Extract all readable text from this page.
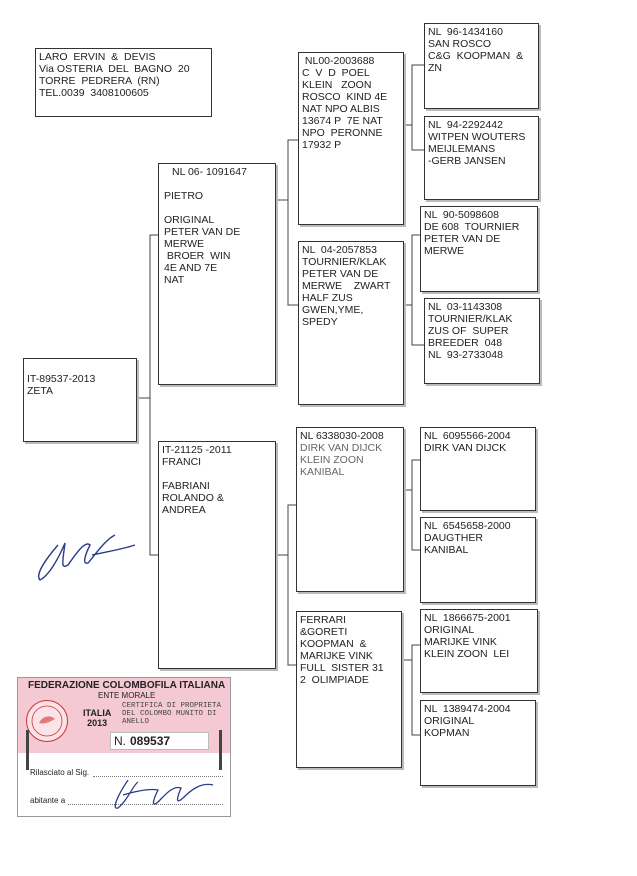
LARO  ERVIN  &  DEVIS
Via OSTERIA  DEL  BAGNO  20
TORRE  PEDRERA  (RN)
TEL.0039  3408100605
IT-89537-2013
ZETA
NL 06- 1091647

PIETRO

ORIGINAL
PETER VAN DE
MERWE
BROER  WIN
4E AND 7E
NAT
IT-21125 -2011
FRANCI

FABRIANI
ROLANDO &
ANDREA
NL00-2003688
C  V  D  POEL
KLEIN   ZOON
ROSCO  KIND 4E
NAT NPO ALBIS
13674 P  7E NAT
NPO  PERONNE
17932 P
NL  04-2057853
TOURNIER/KLAK
PETER VAN DE
MERWE    ZWART
HALF ZUS
GWEN,YME,
SPEDY
NL 6338030-2008
DIRK VAN DIJCK
KLEIN ZOON
KANIBAL
FERRARI
&GORETI
KOOPMAN  &
MARIJKE VINK
FULL  SISTER 31
2  OLIMPIADE
NL  96-1434160
SAN ROSCO
C&G  KOOPMAN  &
ZN
NL  94-2292442
WITPEN WOUTERS
MEIJLEMANS
-GERB JANSEN
NL  90-5098608
DE 608  TOURNIER
PETER VAN DE
MERWE
NL  03-1143308
TOURNIER/KLAK
ZUS OF  SUPER
BREEDER  048
NL  93-2733048
NL  6095566-2004
DIRK VAN DIJCK
NL  6545658-2000
DAUGTHER
KANIBAL
NL  1866675-2001
ORIGINAL
MARIJKE VINK
KLEIN ZOON  LEI
NL  1389474-2004
ORIGINAL
KOPMAN
FEDERAZIONE COLOMBOFILA ITALIANA
ENTE MORALE
ITALIA
2013
CERTIFICA DI PROPRIETA DEL COLOMBO MUNITO DI ANELLO
N. 089537
Rilasciato al Sig.
abitante a
